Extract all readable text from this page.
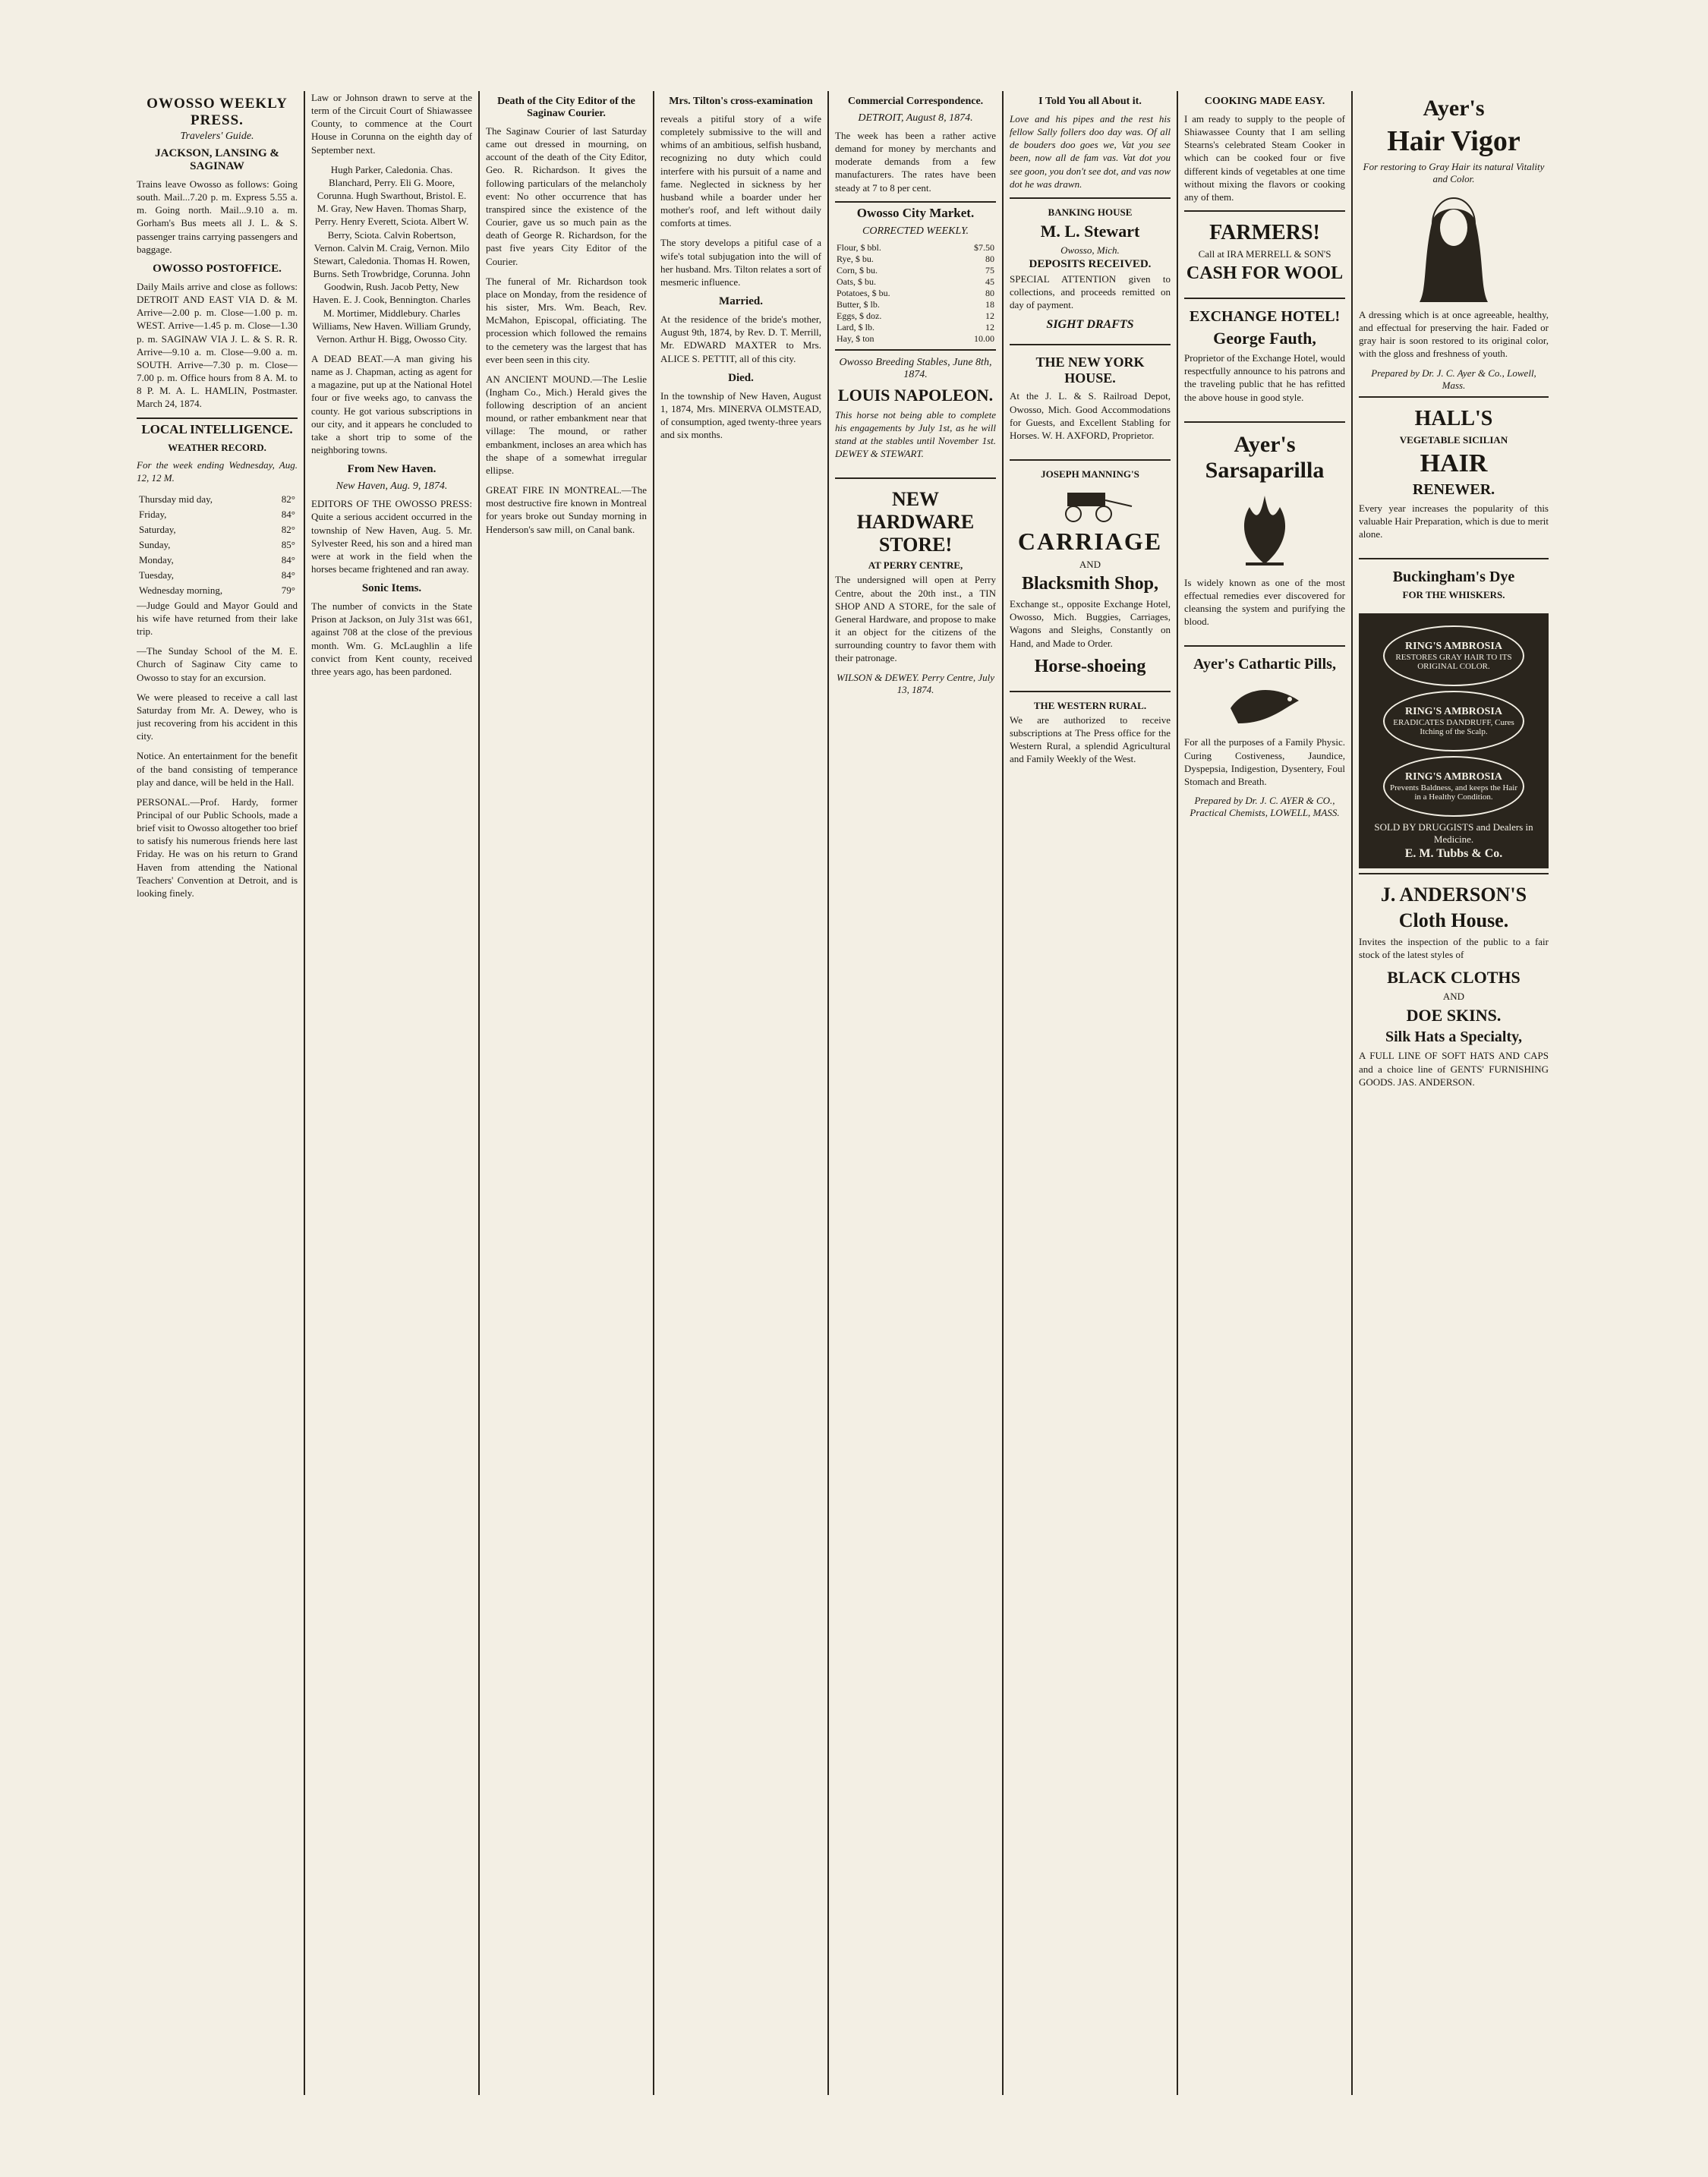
OWOSSO WEEKLY PRESS.
Travelers' Guide.
JACKSON, LANSING & SAGINAW

Trains leave Owosso as follows: Going south. Mail...7.20 p. m. Express 5.55 a. m. Going north. Mail...9.10 a. m. Gorham's Bus meets all J. L. & S. passenger trains carrying passengers and baggage.

OWOSSO POSTOFFICE.

Daily Mails arrive and close as follows: DETROIT AND EAST VIA D. & M. Arrive—2.00 p. m. Close—1.00 p. m. WEST. Arrive—1.45 p. m. Close—1.30 p. m. SAGINAW VIA J. L. & S. R. R. Arrive—9.10 a. m. Close—9.00 a. m. SOUTH. Arrive—7.30 p. m. Close—7.00 p. m. Office hours from 8 A. M. to 8 P. M. A. L. HAMLIN, Postmaster. March 24, 1874.

LOCAL INTELLIGENCE.
WEATHER RECORD.

For the week ending Wednesday, Aug. 12, 12 M.

Thursday mid day,	82°
Friday,	84°
Saturday,	82°
Sunday,	85°
Monday,	84°
Tuesday,	84°
Wednesday morning,	79°

—Judge Gould and Mayor Gould and his wife have returned from their lake trip.

—The Sunday School of the M. E. Church of Saginaw City came to Owosso to stay for an excursion.

We were pleased to receive a call last Saturday from Mr. A. Dewey, who is just recovering from his accident in this city.

Notice. An entertainment for the benefit of the band consisting of temperance play and dance, will be held in the Hall.

PERSONAL.—Prof. Hardy, former Principal of our Public Schools, made a brief visit to Owosso altogether too brief to satisfy his numerous friends here last Friday. He was on his return to Grand Haven from attending the National Teachers' Convention at Detroit, and is looking finely.

Law or Johnson drawn to serve at the term of the Circuit Court of Shiawassee County, to commence at the Court House in Corunna on the eighth day of September next.

Hugh Parker, Caledonia. Chas. Blanchard, Perry. Eli G. Moore, Corunna. Hugh Swarthout, Bristol. E. M. Gray, New Haven. Thomas Sharp, Perry. Henry Everett, Sciota. Albert W. Berry, Sciota. Calvin Robertson, Vernon. Calvin M. Craig, Vernon. Milo Stewart, Caledonia. Thomas H. Rowen, Burns. Seth Trowbridge, Corunna. John Goodwin, Rush. Jacob Petty, New Haven. E. J. Cook, Bennington. Charles M. Mortimer, Middlebury. Charles Williams, New Haven. William Grundy, Vernon. Arthur H. Bigg, Owosso City.

A DEAD BEAT.—A man giving his name as J. Chapman, acting as agent for a magazine, put up at the National Hotel four or five weeks ago, to canvass the county. He got various subscriptions in our city, and it appears he concluded to take a short trip to some of the neighboring towns.

From New Haven.
New Haven, Aug. 9, 1874.

EDITORS OF THE OWOSSO PRESS: Quite a serious accident occurred in the township of New Haven, Aug. 5. Mr. Sylvester Reed, his son and a hired man were at work in the field when the horses became frightened and ran away.

Sonic Items.

The number of convicts in the State Prison at Jackson, on July 31st was 661, against 708 at the close of the previous month. Wm. G. McLaughlin a life convict from Kent county, received three years ago, has been pardoned.

Death of the City Editor of the Saginaw Courier.

The Saginaw Courier of last Saturday came out dressed in mourning, on account of the death of the City Editor, Geo. R. Richardson. It gives the following particulars of the melancholy event: No other occurrence that has transpired since the existence of the Courier, gave us so much pain as the death of George R. Richardson, for the past five years City Editor of the Courier.

The funeral of Mr. Richardson took place on Monday, from the residence of his sister, Mrs. Wm. Beach, Rev. McMahon, Episcopal, officiating. The procession which followed the remains to the cemetery was the largest that has ever been seen in this city.

AN ANCIENT MOUND.—The Leslie (Ingham Co., Mich.) Herald gives the following description of an ancient mound, or rather embankment near that village: The mound, or rather embankment, incloses an area which has the shape of a somewhat irregular ellipse.

GREAT FIRE IN MONTREAL.—The most destructive fire known in Montreal for years broke out Sunday morning in Henderson's saw mill, on Canal bank.

Mrs. Tilton's cross-examination

reveals a pitiful story of a wife completely submissive to the will and whims of an ambitious, selfish husband, recognizing no duty which could interfere with his pursuit of a name and fame. Neglected in sickness by her husband while a boarder under her mother's roof, and left without daily comforts at times.

The story develops a pitiful case of a wife's total subjugation into the will of her husband. Mrs. Tilton relates a sort of mesmeric influence.

Married.

At the residence of the bride's mother, August 9th, 1874, by Rev. D. T. Merrill, Mr. EDWARD MAXTER to Mrs. ALICE S. PETTIT, all of this city.

Died.

In the township of New Haven, August 1, 1874, Mrs. MINERVA OLMSTEAD, of consumption, aged twenty-three years and six months.

Commercial Correspondence.
DETROIT, August 8, 1874.

The week has been a rather active demand for money by merchants and moderate demands from a few manufacturers. The rates have been steady at 7 to 8 per cent.

Owosso City Market.
CORRECTED WEEKLY.
Flour, $ bbl.	$7.50
Rye, $ bu.	80
Corn, $ bu.	75
Oats, $ bu.	45
Potatoes, $ bu.	80
Butter, $ lb.	18
Eggs, $ doz.	12
Lard, $ lb.	12
Hay, $ ton	10.00
Owosso Breeding Stables, June 8th, 1874.
LOUIS NAPOLEON.

This horse not being able to complete his engagements by July 1st, as he will stand at the stables until November 1st. DEWEY & STEWART.

NEW HARDWARE STORE!
AT PERRY CENTRE,

The undersigned will open at Perry Centre, about the 20th inst., a TIN SHOP AND A STORE, for the sale of General Hardware, and propose to make it an object for the citizens of the surrounding country to favor them with their patronage.

WILSON & DEWEY. Perry Centre, July 13, 1874.
I Told You all About it.

Love and his pipes and the rest his fellow Sally follers doo day was. Of all de bouders doo goes we, Vat you see been, now all de fam vas. Vat dot you see goon, you don't see dot, and vas now dot he was drawn.

BANKING HOUSE
M. L. Stewart
Owosso, Mich.
DEPOSITS RECEIVED.

SPECIAL ATTENTION given to collections, and proceeds remitted on day of payment.

SIGHT DRAFTS
THE NEW YORK HOUSE.

At the J. L. & S. Railroad Depot, Owosso, Mich. Good Accommodations for Guests, and Excellent Stabling for Horses. W. H. AXFORD, Proprietor.

JOSEPH MANNING'S
CARRIAGE
AND
Blacksmith Shop,

Exchange st., opposite Exchange Hotel, Owosso, Mich. Buggies, Carriages, Wagons and Sleighs, Constantly on Hand, and Made to Order.

Horse-shoeing
THE WESTERN RURAL.

We are authorized to receive subscriptions at The Press office for the Western Rural, a splendid Agricultural and Family Weekly of the West.

COOKING MADE EASY.

I am ready to supply to the people of Shiawassee County that I am selling Stearns's celebrated Steam Cooker in which can be cooked four or five different kinds of vegetables at one time without mixing the flavors or cooking any of them.

FARMERS!
Call at IRA MERRELL & SON'S
CASH FOR WOOL
EXCHANGE HOTEL!
George Fauth,

Proprietor of the Exchange Hotel, would respectfully announce to his patrons and the traveling public that he has refitted the above house in good style.

Ayer's Sarsaparilla

Is widely known as one of the most effectual remedies ever discovered for cleansing the system and purifying the blood.

Ayer's Cathartic Pills,

For all the purposes of a Family Physic. Curing Costiveness, Jaundice, Dyspepsia, Indigestion, Dysentery, Foul Stomach and Breath.

Prepared by Dr. J. C. AYER & CO., Practical Chemists, LOWELL, MASS.
Ayer's
Hair Vigor
For restoring to Gray Hair its natural Vitality and Color.

A dressing which is at once agreeable, healthy, and effectual for preserving the hair. Faded or gray hair is soon restored to its original color, with the gloss and freshness of youth.

Prepared by Dr. J. C. Ayer & Co., Lowell, Mass.
HALL'S
VEGETABLE SICILIAN
HAIR
RENEWER.

Every year increases the popularity of this valuable Hair Preparation, which is due to merit alone.

Buckingham's Dye
FOR THE WHISKERS.
RING'S AMBROSIA
RESTORES GRAY HAIR TO ITS ORIGINAL COLOR.
RING'S AMBROSIA
ERADICATES DANDRUFF, Cures Itching of the Scalp.
RING'S AMBROSIA
Prevents Baldness, and keeps the Hair in a Healthy Condition.
SOLD BY DRUGGISTS and Dealers in Medicine.
E. M. Tubbs & Co.
J. ANDERSON'S
Cloth House.

Invites the inspection of the public to a fair stock of the latest styles of

BLACK CLOTHS
AND
DOE SKINS.
Silk Hats a Specialty,

A FULL LINE OF SOFT HATS AND CAPS and a choice line of GENTS' FURNISHING GOODS. JAS. ANDERSON.
